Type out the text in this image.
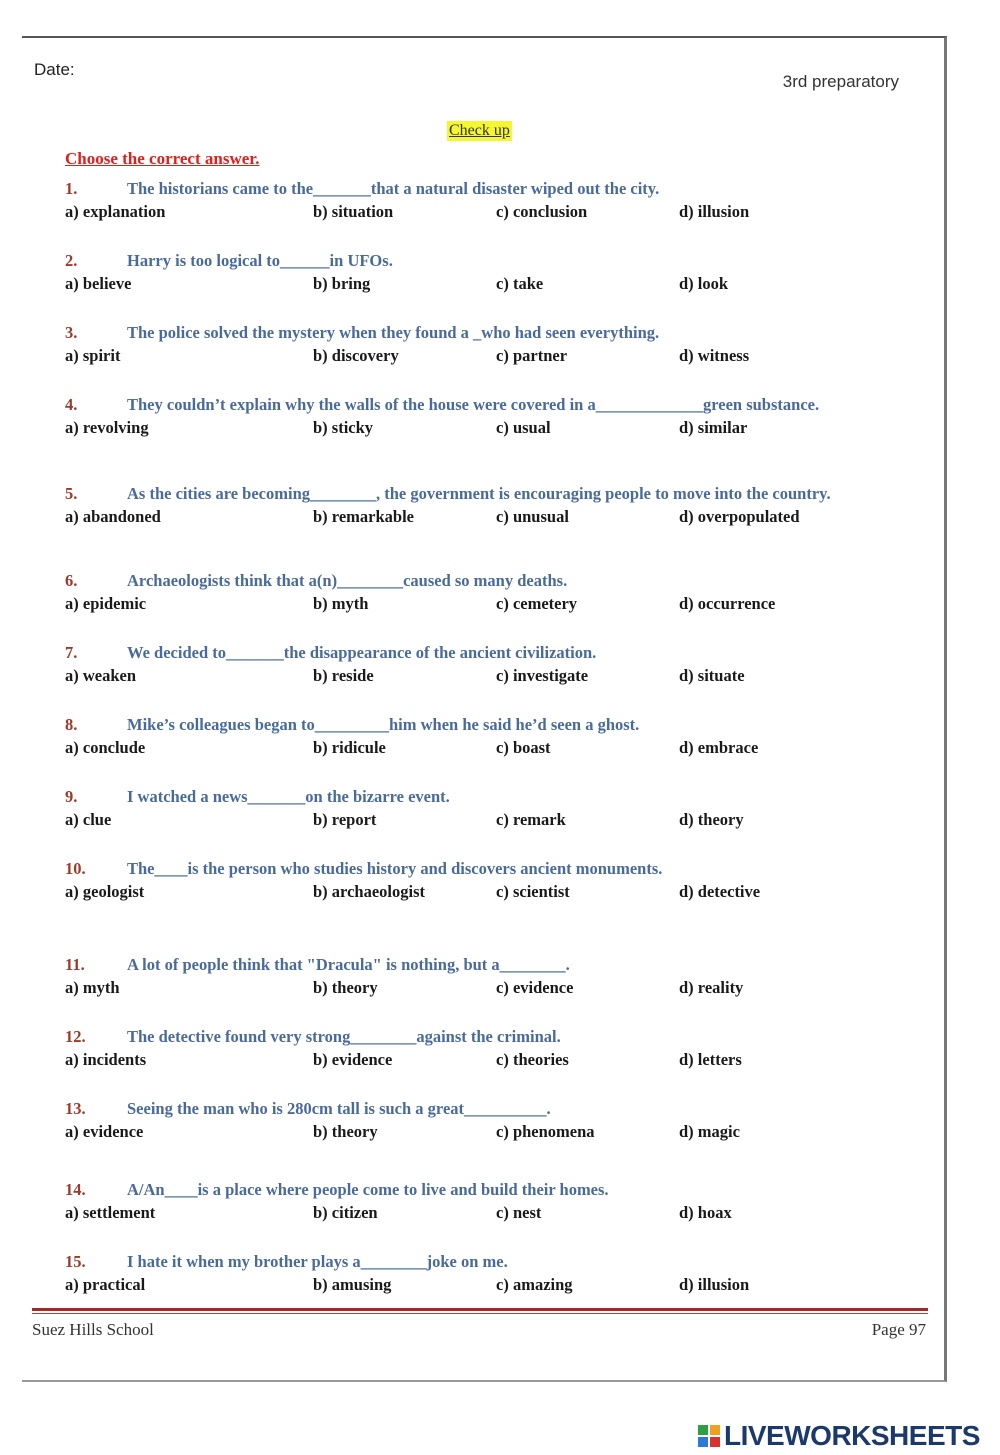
Date:
3rd preparatory
Check up
Choose the correct answer.
1.	The historians came to the_______that a natural disaster wiped out the city.
a) explanation	b) situation	c) conclusion	d) illusion
2.	Harry is too logical to______in UFOs.
a) believe	b) bring	c) take	d) look
3.	The police solved the mystery when they found a _who had seen everything.
a) spirit	b) discovery	c) partner	d) witness
4.	They couldn’t explain why the walls of the house were covered in a_____________green substance.
a) revolving	b) sticky	c) usual	d) similar
5.	As the cities are becoming________, the government is encouraging people to move into the country.
a) abandoned	b) remarkable	c) unusual	d) overpopulated
6.	Archaeologists think that a(n)________caused so many deaths.
a) epidemic	b) myth	c) cemetery	d) occurrence
7.	We decided to_______the disappearance of the ancient civilization.
a) weaken	b) reside	c) investigate	d) situate
8.	Mike’s colleagues began to_________him when he said he’d seen a ghost.
a) conclude	b) ridicule	c) boast	d) embrace
9.	I watched a news_______on the bizarre event.
a) clue	b) report	c) remark	d) theory
10.	The____is the person who studies history and discovers ancient monuments.
a) geologist	b) archaeologist	c) scientist	d) detective
11.	A lot of people think that "Dracula" is nothing, but a________.
a) myth	b) theory	c) evidence	d) reality
12.	The detective found very strong________against the criminal.
a) incidents	b) evidence	c) theories	d) letters
13.	Seeing the man who is 280cm tall is such a great__________.
a) evidence	b) theory	c) phenomena	d) magic
14.	A/An____is a place where people come to live and build their homes.
a) settlement	b) citizen	c) nest	d) hoax
15.	I hate it when my brother plays a________joke on me.
a) practical	b) amusing	c) amazing	d) illusion
Suez Hills School	Page 97
LIVEWORKSHEETS
